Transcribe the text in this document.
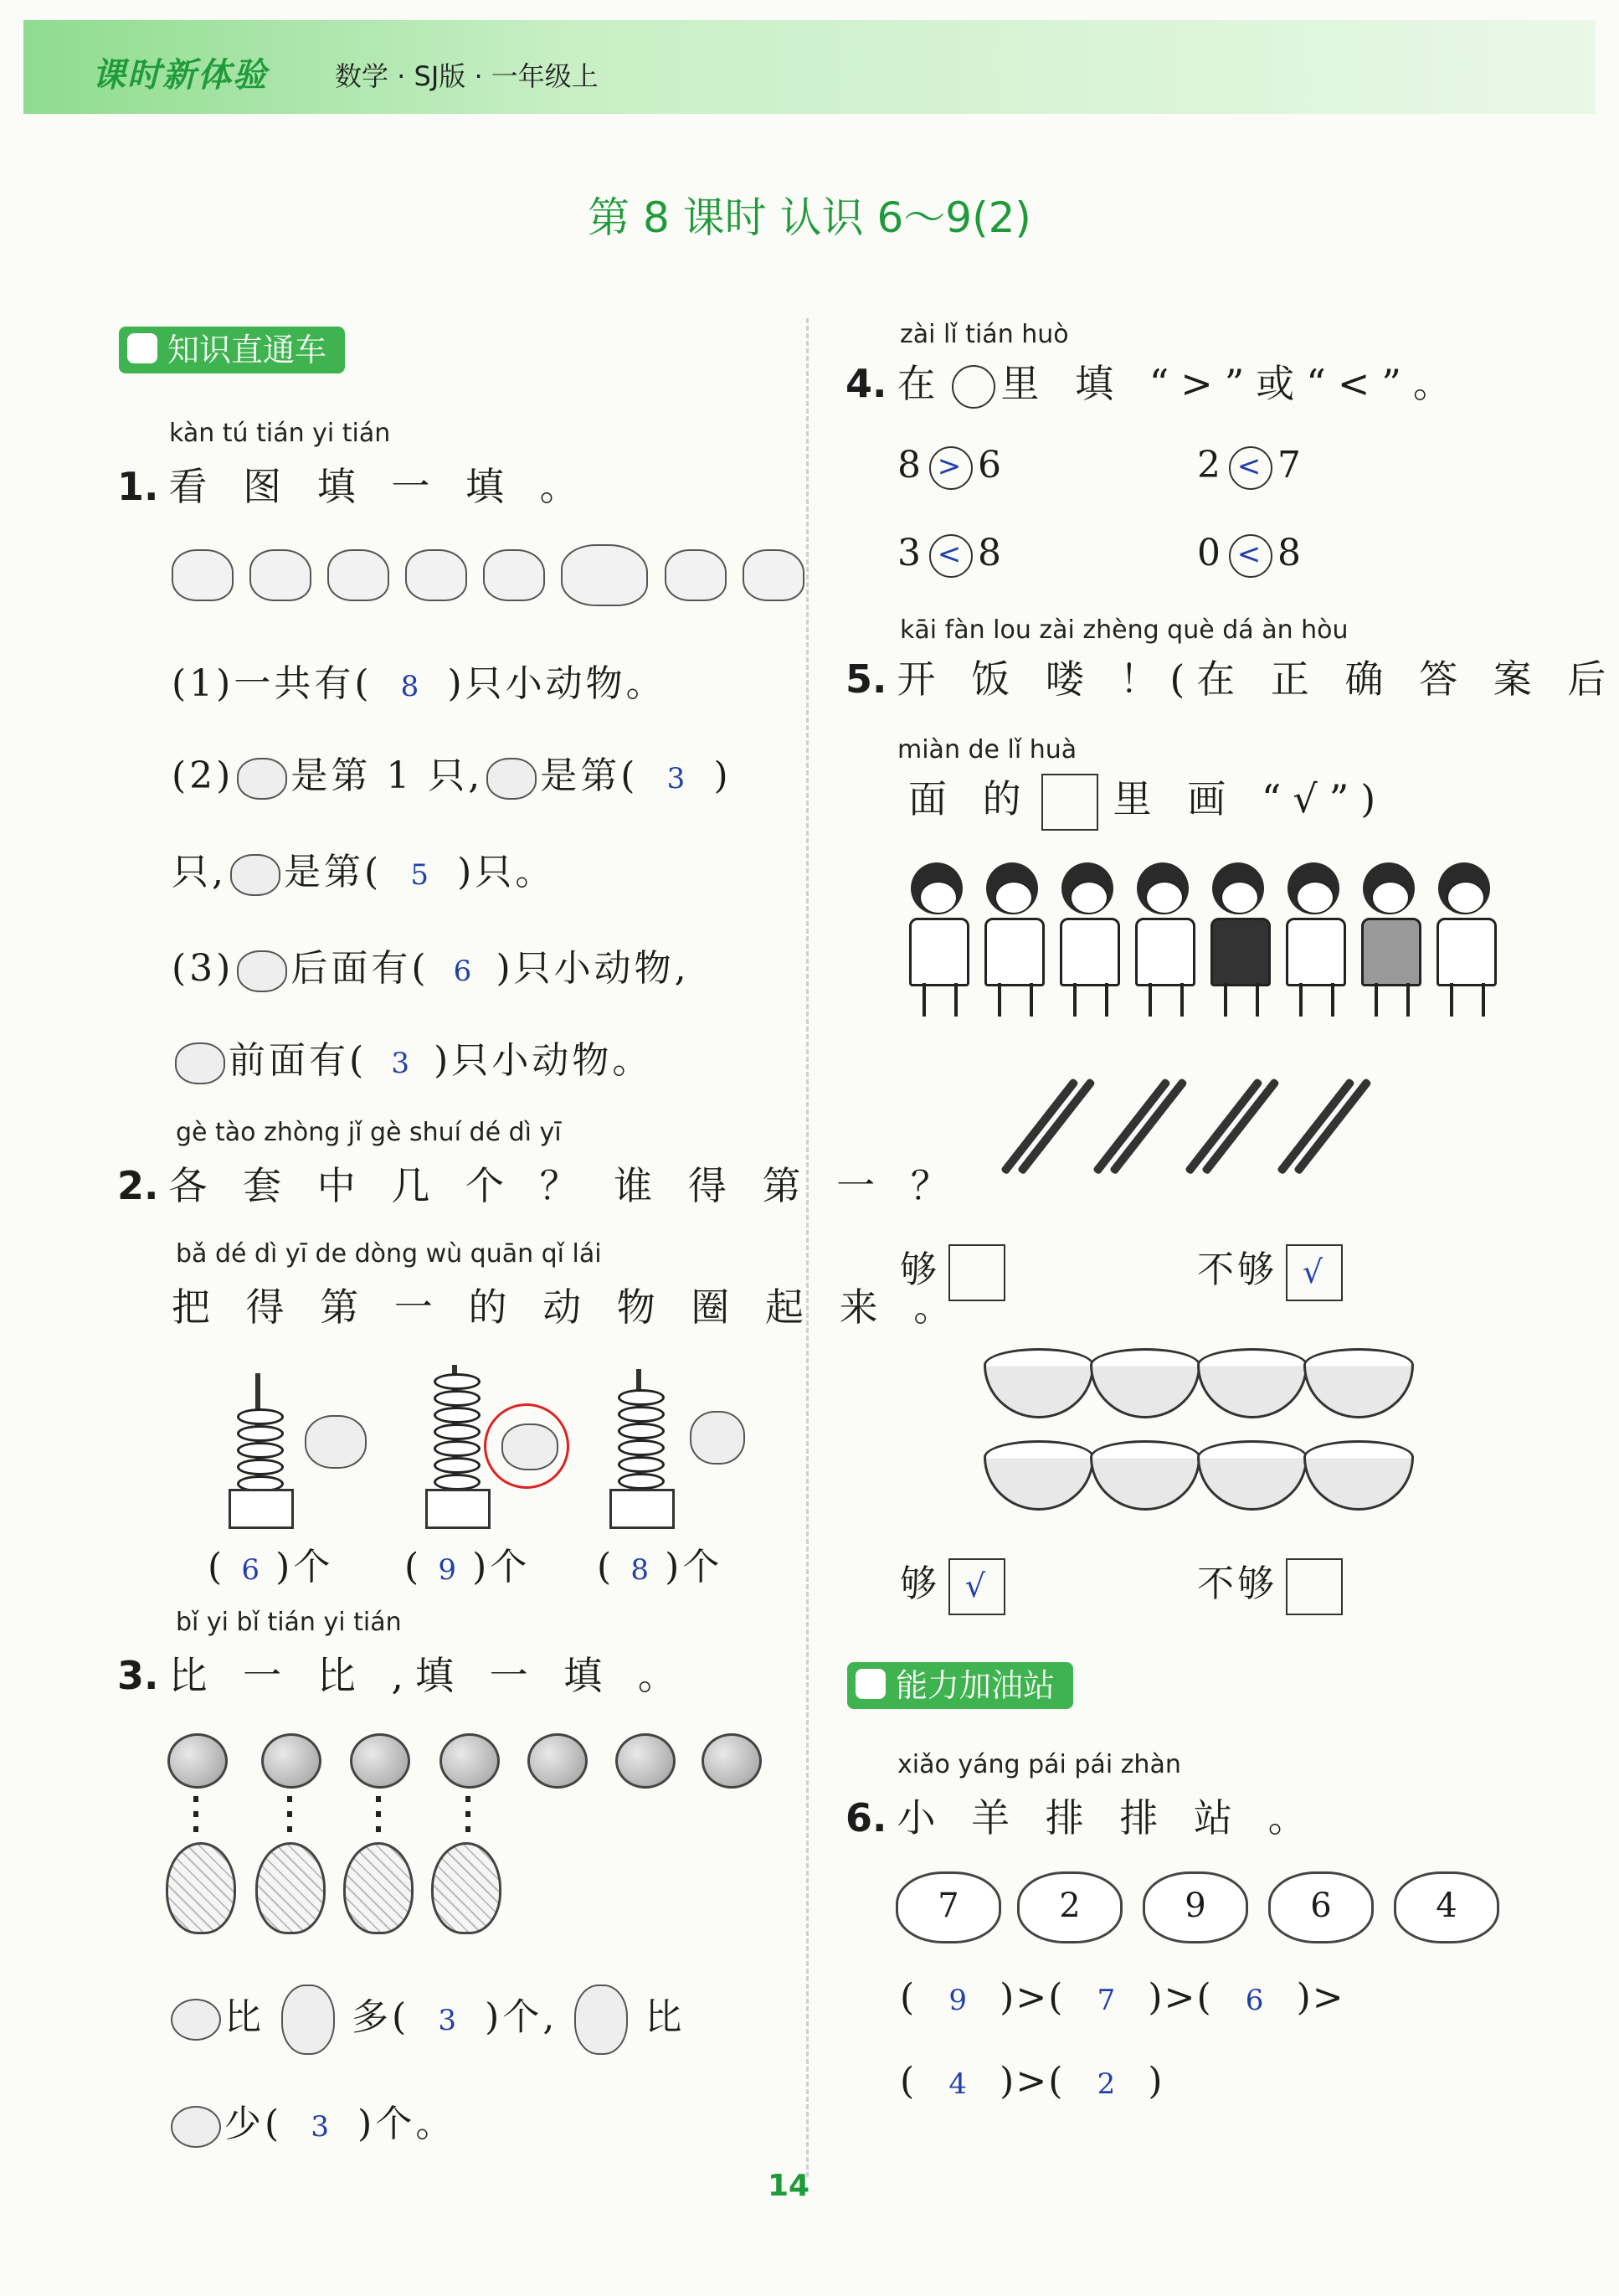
课时新体验	数学 · SJ版 · 一年级上
第 8 课时 认识 6～9(2)
知识直通车
kàn tú tián yi tián
1. 看 图 填 一 填 。

(1)一共有( 8 )只小动物。
(2) 是第 1 只, 是第( 3 )
只, 是第( 5 )只。
(3) 后面有( 6 )只小动物,
前面有( 3 )只小动物。
gè tào zhòng jǐ gè shuí dé dì yī
2. 各 套 中 几 个 ？ 谁 得 第 一 ？
bǎ dé dì yī de dòng wù quān qǐ lái
把 得 第 一 的 动 物 圈 起 来 。
( 6 )个 ( 9 )个 ( 8 )个
bǐ yi bǐ tián yi tián
3. 比 一 比 ,填 一 填 。
比 多( 3 )个, 比
少( 3 )个。
zài lǐ tián huò
4. 在 里 填 “>”或“<”。
8 > 6	2 < 7
3 < 8	0 < 8
kāi fàn lou zài zhèng què dá àn hòu
5. 开 饭 喽 ！(在 正 确 答 案 后
miàn de lǐ huà
面 的 里 画 “√”)
够	不够 √
够 √	不够
能力加油站
xiǎo yáng pái pái zhàn
6. 小 羊 排 排 站 。
7	2	9	6	4
( 9 )>( 7 )>( 6 )>
( 4 )>( 2 )
14
